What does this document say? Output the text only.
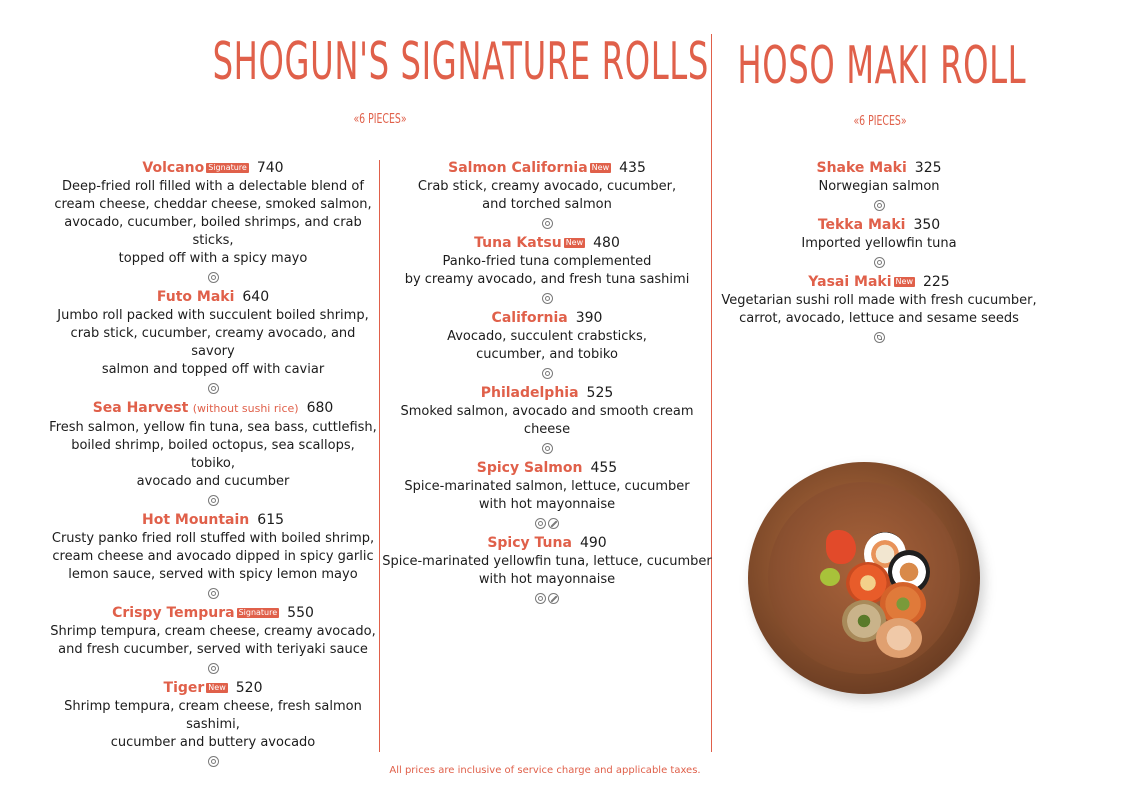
SHOGUN'S SIGNATURE ROLLS
«6 PIECES»
HOSO MAKI ROLL
«6 PIECES»
Volcano Signature 740
Deep-fried roll filled with a delectable blend of
cream cheese, cheddar cheese, smoked salmon,
avocado, cucumber, boiled shrimps, and crab sticks,
topped off with a spicy mayo
Futo Maki 640
Jumbo roll packed with succulent boiled shrimp,
crab stick, cucumber, creamy avocado, and savory
salmon and topped off with caviar
Sea Harvest (without sushi rice) 680
Fresh salmon, yellow fin tuna, sea bass, cuttlefish,
boiled shrimp, boiled octopus, sea scallops, tobiko,
avocado and cucumber
Hot Mountain 615
Crusty panko fried roll stuffed with boiled shrimp,
cream cheese and avocado dipped in spicy garlic
lemon sauce, served with spicy lemon mayo
Crispy Tempura Signature 550
Shrimp tempura, cream cheese, creamy avocado,
and fresh cucumber, served with teriyaki sauce
Tiger New 520
Shrimp tempura, cream cheese, fresh salmon sashimi,
cucumber and buttery avocado
Salmon California New 435
Crab stick, creamy avocado, cucumber,
and torched salmon
Tuna Katsu New 480
Panko-fried tuna complemented
by creamy avocado, and fresh tuna sashimi
California 390
Avocado, succulent crabsticks,
cucumber, and tobiko
Philadelphia 525
Smoked salmon, avocado and smooth cream cheese
Spicy Salmon 455
Spice-marinated salmon, lettuce, cucumber
with hot mayonnaise
Spicy Tuna 490
Spice-marinated yellowfin tuna, lettuce, cucumber
with hot mayonnaise
Shake Maki 325
Norwegian salmon
Tekka Maki 350
Imported yellowfin tuna
Yasai Maki New 225
Vegetarian sushi roll made with fresh cucumber,
carrot, avocado, lettuce and sesame seeds
All prices are inclusive of service charge and applicable taxes.
